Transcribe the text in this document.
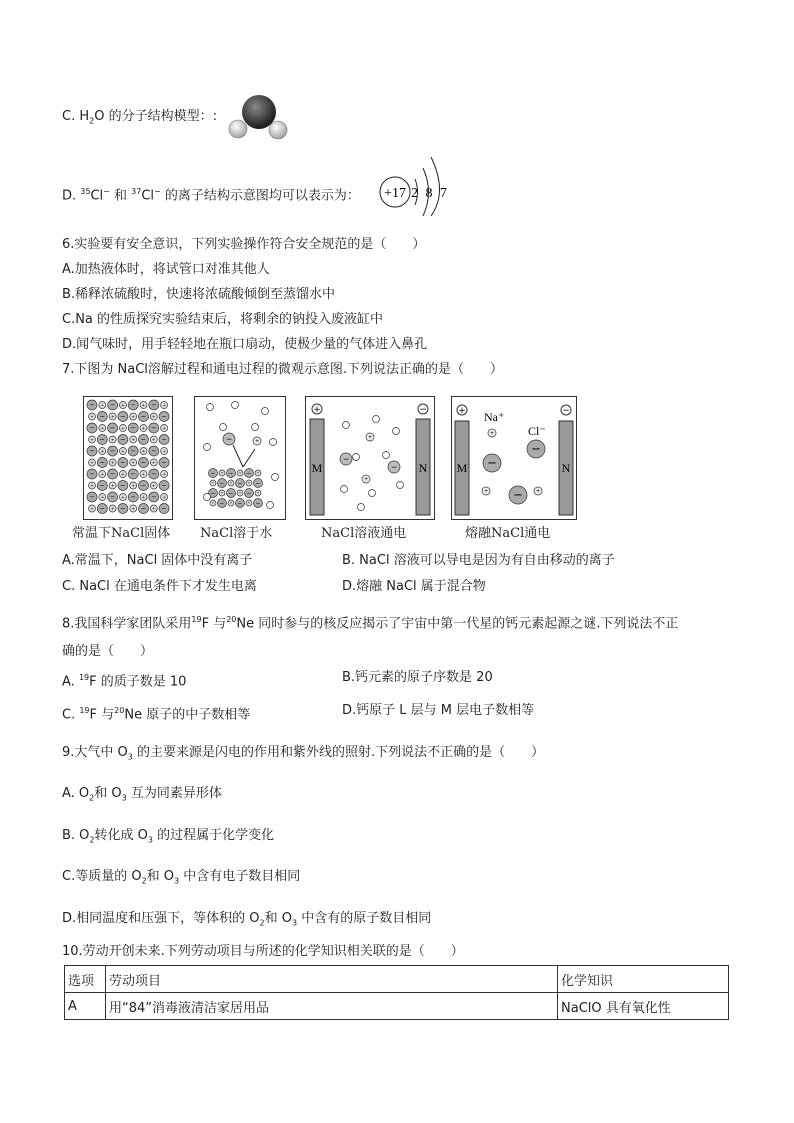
C. $H_2O$ 的分子结构模型：:
D. $^{35}$Cl− 和 $^{37}$Cl− 的离子结构示意图均可以表示为： +17 2 8 7
6.实验要有安全意识，下列实验操作符合安全规范的是（　　）
A.加热液体时，将试管口对准其他人
B.稀释浓硫酸时，快速将浓硫酸倾倒至蒸馏水中
C.Na 的性质探究实验结束后，将剩余的钠投入废液缸中
D.闻气味时，用手轻轻地在瓶口扇动，使极少量的气体进入鼻孔
7.下图为 NaCl溶解过程和通电过程的微观示意图.下列说法正确的是（　　）
− + − + − + − +
+ − + − + − + −
− + − + − + − +
+ − + − + − + −
− + − + − + − +
+ − + − + − + −
− + − + − + − +
+ − + − + − + −
− + − + − + − +
+ − + − + − + −
− + − + − +
+ − + − + −
− + − + − +
+ − + − + −
−	+
M	N
+	−
−
−
+
+
M	N
+	−
Na⁺
Cl⁻
+
−
−
+ − +
常温下NaCl固体 NaCl溶于水	NaCl溶液通电	熔融NaCl通电
A.常温下，NaCl 固体中没有离子	B. NaCl 溶液可以导电是因为有自由移动的离子
C. NaCl 在通电条件下才发生电离	D.熔融 NaCl 属于混合物
8.我国科学家团队采用$^{19}$F 与$^{20}$Ne 同时参与的核反应揭示了宇宙中第一代星的钙元素起源之谜.下列说法不正
确的是（　　）
A. $^{19}$F 的质子数是 10	B.钙元素的原子序数是 20
C. $^{19}$F 与$^{20}$Ne 原子的中子数相等	D.钙原子 L 层与 M 层电子数相等
9.大气中 $O_3$ 的主要来源是闪电的作用和紫外线的照射.下列说法不正确的是（　　）
A. $O_2$和 $O_3$ 互为同素异形体
B. $O_2$转化成 $O_3$ 的过程属于化学变化
C.等质量的 $O_2$和 $O_3$ 中含有电子数目相同
D.相同温度和压强下，等体积的 $O_2$和 $O_3$ 中含有的原子数目相同
10.劳动开创未来.下列劳动项目与所述的化学知识相关联的是（　　）
选项	劳动项目	化学知识
A	用“84”消毒液清洁家居用品	NaClO 具有氧化性
